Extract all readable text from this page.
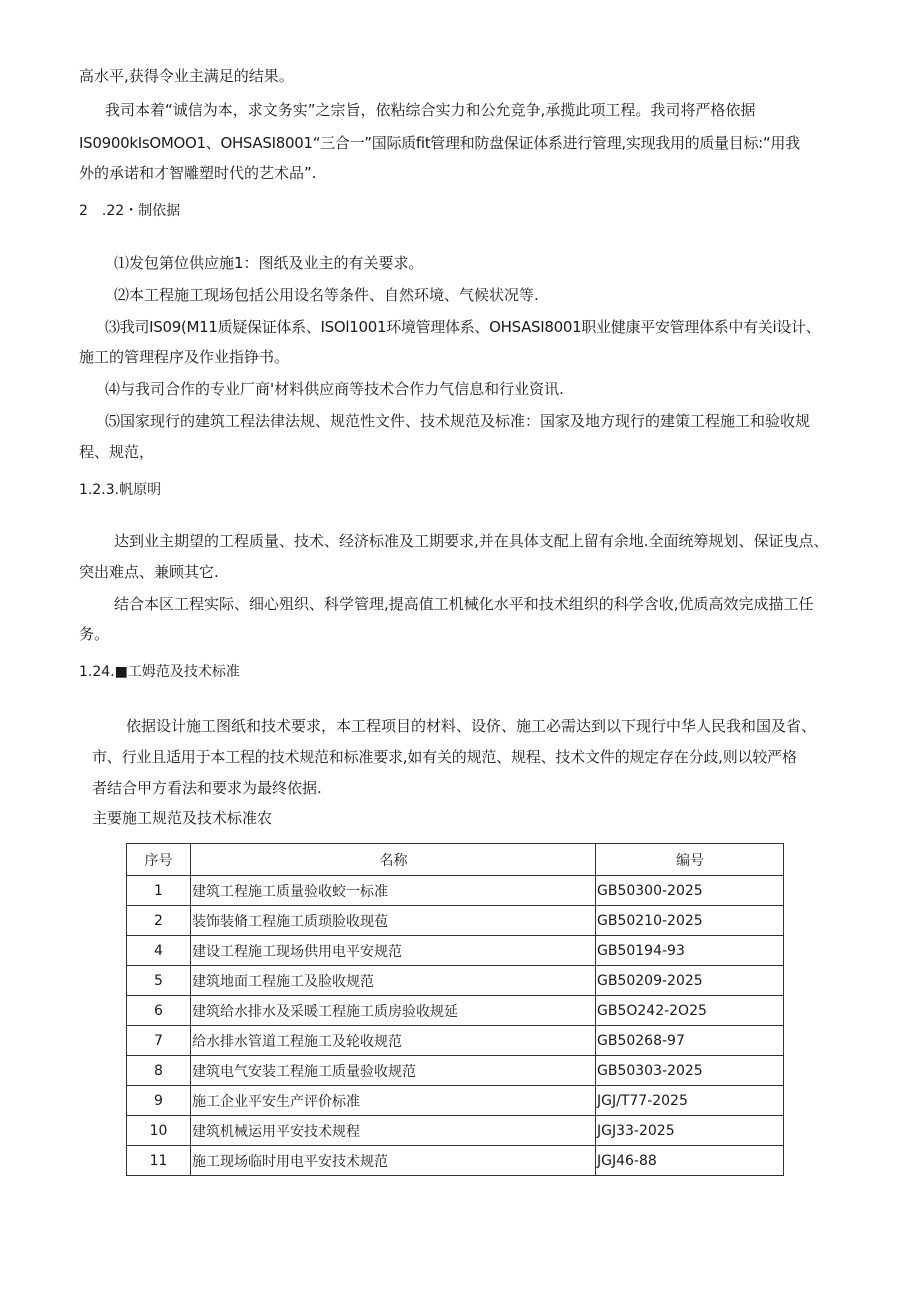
高水平,获得令业主满足的结果。
我司本着“诚信为本，求文务实”之宗旨，依粘综合实力和公允竞争,承揽此项工程。我司将严格依据
IS0900kIsOMOO1、OHSASI8001“三合一”国际质fit管理和防盘保证体系进行管理,实现我用的质量目标:“用我
外的承诺和才智雕塑时代的艺术品”.
2　.22・制依据
⑴发包第位供应施1：图纸及业主的有关要求。
⑵本工程施工现场包括公用设名等条件、自然环境、气候状况等.
⑶我司IS09(M11质疑保证体系、ISOl1001环境管理体系、OHSASI8001职业健康平安管理体系中有关i设计、
施工的管理程序及作业指铮书。
⑷与我司合作的专业厂商'材料供应商等技术合作力气信息和行业资讯.
⑸国家现行的建筑工程法律法规、规范性文件、技术规范及标准：国家及地方现行的建策工程施工和验收规
程、规范，
1.2.3.帆原明
达到业主期望的工程质量、技术、经济标准及工期要求,并在具体支配上留有余地.全面统筹规划、保证曳点、
突出难点、兼顾其它.
结合本区工程实际、细心殂织、科学管理,提高值工机械化水平和技术组织的科学含收,优质高效完成描工任
务。
1.24.■工姆范及技术标准
依据设计施工图纸和技术要求，本工程项目的材料、设侪、施工必需达到以下现行中华人民我和国及省、
市、行业且适用于本工程的技术规范和标准要求,如有关的规范、规程、技术文件的规定存在分歧,则以较严格
者结合甲方看法和要求为最终依据.
主要施工规范及技术标准农
序号	名称	编号
1	建筑工程施工质量验收蛟一标准	GB50300-2025
2	装饰装脩工程施工质琐脸收现苞	GB50210-2025
4	建设工程施工现场供用电平安规范	GB50194-93
5	建筑地面工程施工及脸收规范	GB50209-2025
6	建筑给水排水及采暖工程施工质房验收规延	GB5O242-2O25
7	给水排水管道工程施工及轮收规范	GB50268-97
8	建筑电气安装工程施工质量验收规范	GB50303-2025
9	施工企业平安生产评价标准	JGJ/T77-2025
10	建筑机械运用平安技术规程	JGJ33-2025
11	施工现场临时用电平安技术规范	JGJ46-88
